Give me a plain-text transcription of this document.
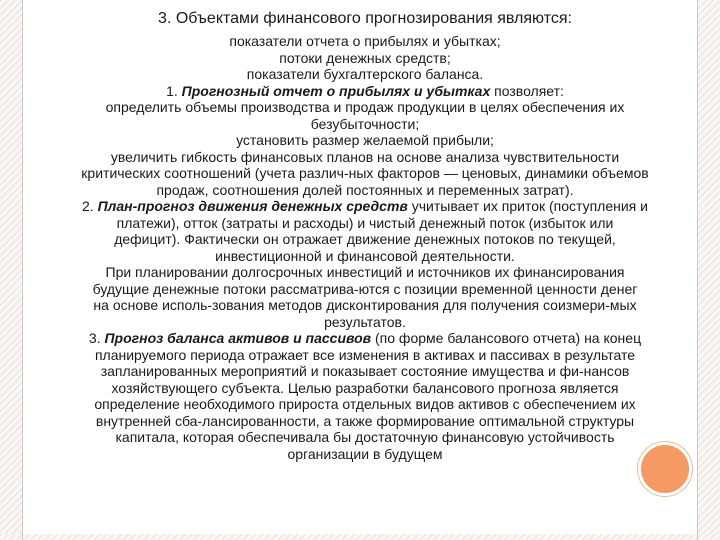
3. Объектами финансового прогнозирования являются:
показатели отчета о прибылях и убытках;
потоки денежных средств;
показатели бухгалтерского баланса.
1. Прогнозный отчет о прибылях и убытках позволяет:
определить объемы производства и продаж продукции в целях обеспечения их
безубыточности;
установить размер желаемой прибыли;
увеличить гибкость финансовых планов на основе анализа чувствительности
критических соотношений (учета различ-ных факторов — ценовых, динамики объемов
продаж, соотношения долей постоянных и переменных затрат).
2. План-прогноз движения денежных средств учитывает их приток (поступления и
платежи), отток (затраты и расходы) и чистый денежный поток (избыток или
дефицит). Фактически он отражает движение денежных потоков по текущей,
инвестиционной и финансовой деятельности.
При планировании долгосрочных инвестиций и источников их финансирования
будущие денежные потоки рассматрива-ются с позиции временной ценности денег
на основе исполь-зования методов дисконтирования для получения соизмери-мых
результатов.
3. Прогноз баланса активов и пассивов (по форме балансового отчета) на конец
планируемого периода отражает все изменения в активах и пассивах в результате
запланированных мероприятий и показывает состояние имущества и фи-нансов
хозяйствующего субъекта. Целью разработки балансового прогноза является
определение необходимого прироста отдельных видов активов с обеспечением их
внутренней сба-лансированности, а также формирование оптимальной структуры
капитала, которая обеспечивала бы достаточную финансовую устойчивость
организации в будущем
